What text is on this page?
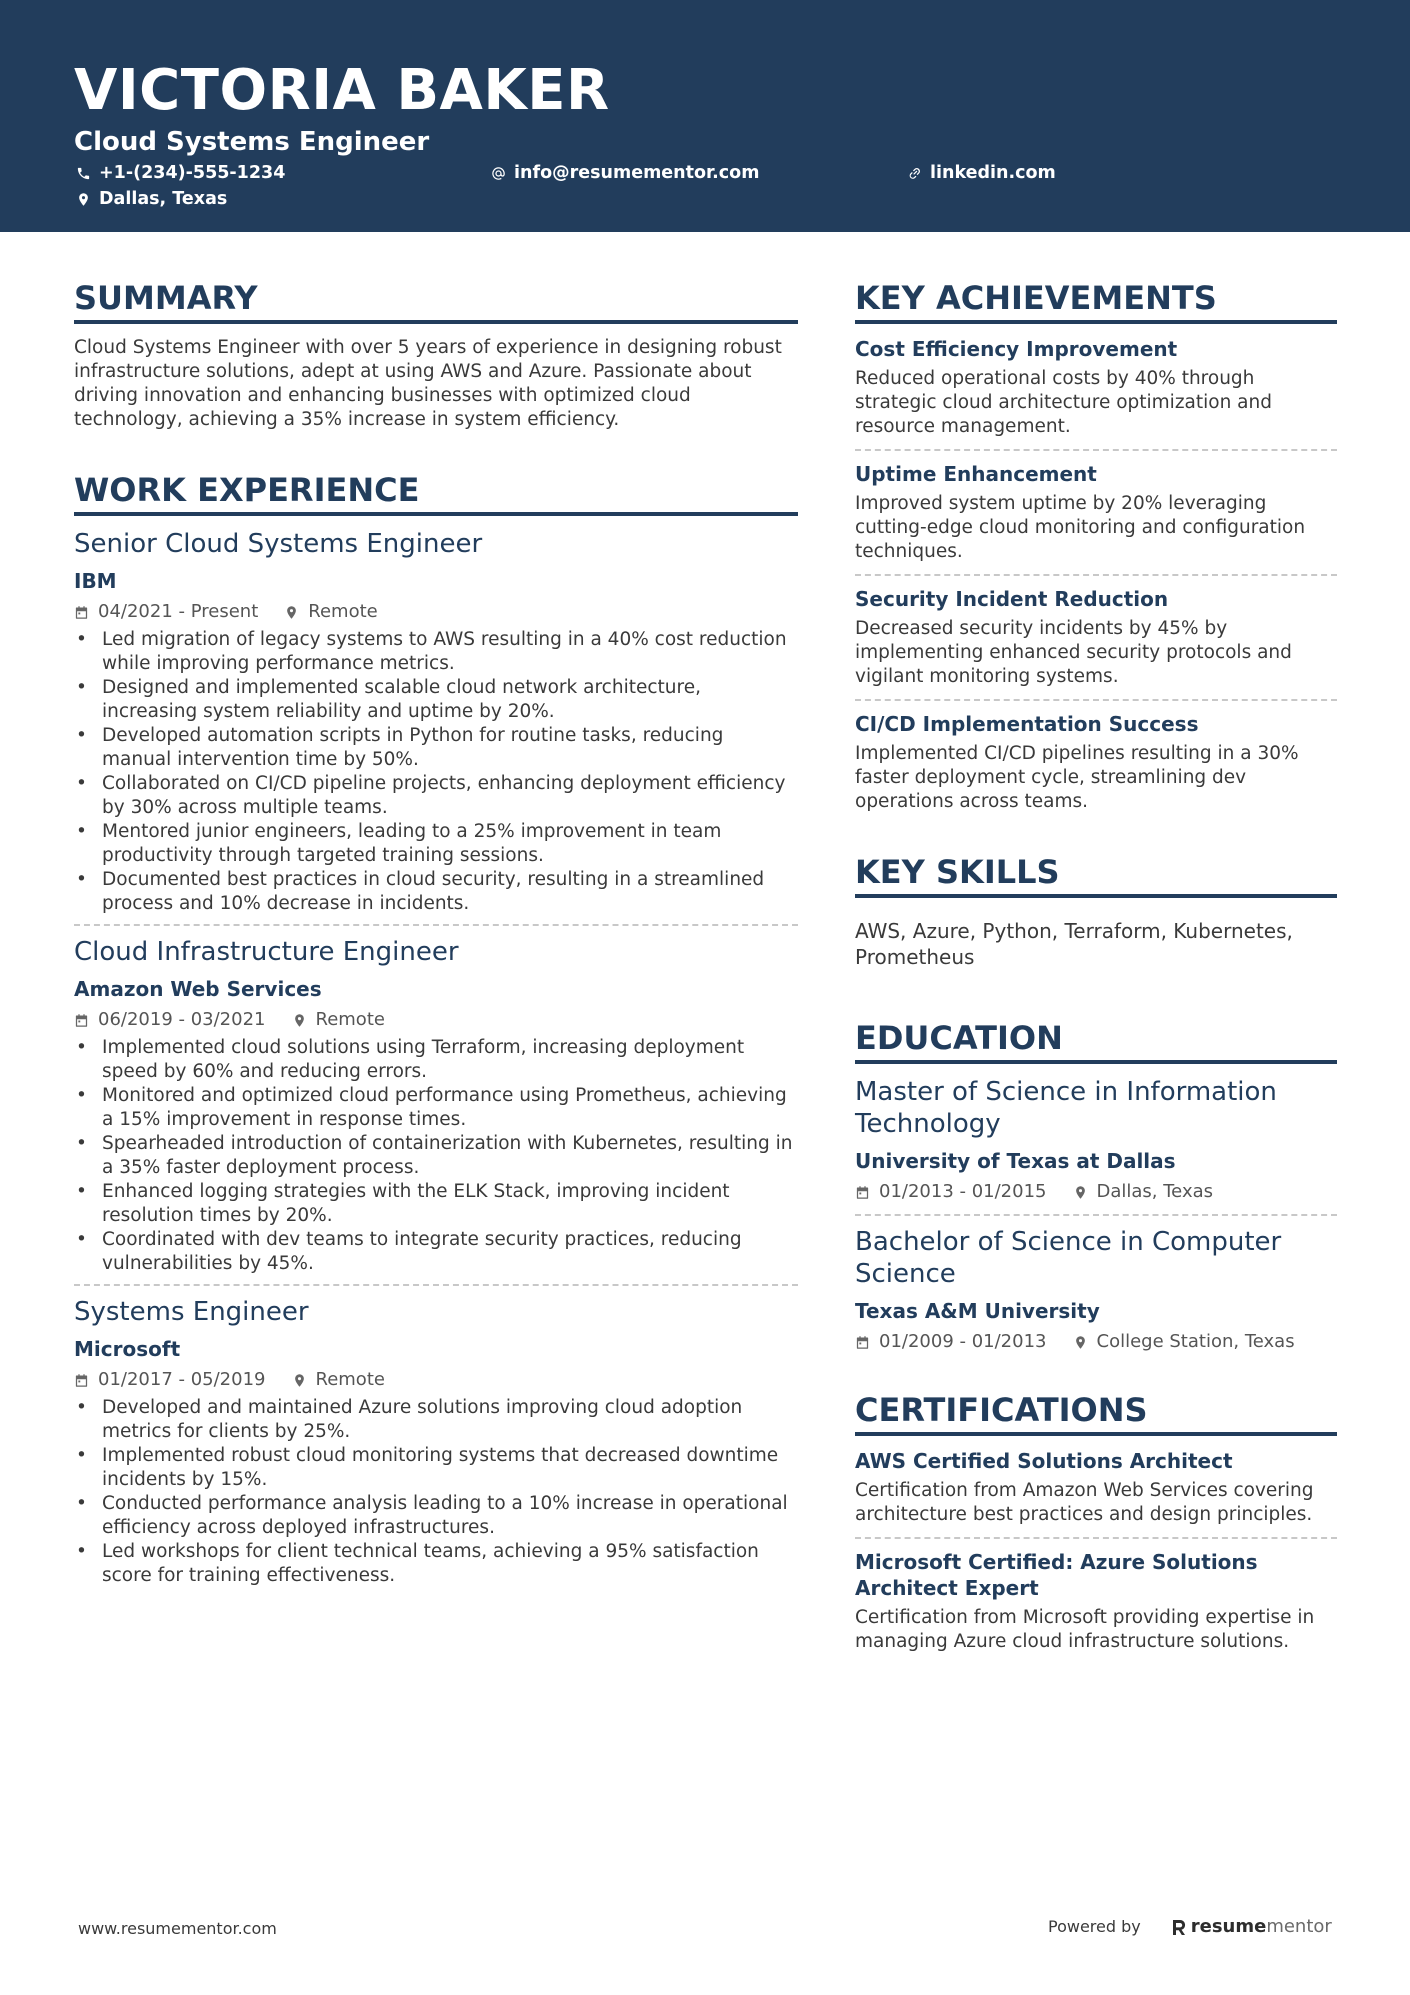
VICTORIA BAKER
Cloud Systems Engineer
+1-(234)-555-1234	info@resumementor.com	linkedin.com
Dallas, Texas
SUMMARY
Cloud Systems Engineer with over 5 years of experience in designing robust infrastructure solutions, adept at using AWS and Azure. Passionate about driving innovation and enhancing businesses with optimized cloud technology, achieving a 35% increase in system efficiency.
WORK EXPERIENCE
Senior Cloud Systems Engineer
IBM
04/2021 - Present	Remote
• Led migration of legacy systems to AWS resulting in a 40% cost reduction while improving performance metrics.
• Designed and implemented scalable cloud network architecture, increasing system reliability and uptime by 20%.
• Developed automation scripts in Python for routine tasks, reducing manual intervention time by 50%.
• Collaborated on CI/CD pipeline projects, enhancing deployment efficiency by 30% across multiple teams.
• Mentored junior engineers, leading to a 25% improvement in team productivity through targeted training sessions.
• Documented best practices in cloud security, resulting in a streamlined process and 10% decrease in incidents.
Cloud Infrastructure Engineer
Amazon Web Services
06/2019 - 03/2021	Remote
• Implemented cloud solutions using Terraform, increasing deployment speed by 60% and reducing errors.
• Monitored and optimized cloud performance using Prometheus, achieving a 15% improvement in response times.
• Spearheaded introduction of containerization with Kubernetes, resulting in a 35% faster deployment process.
• Enhanced logging strategies with the ELK Stack, improving incident resolution times by 20%.
• Coordinated with dev teams to integrate security practices, reducing vulnerabilities by 45%.
Systems Engineer
Microsoft
01/2017 - 05/2019	Remote
• Developed and maintained Azure solutions improving cloud adoption metrics for clients by 25%.
• Implemented robust cloud monitoring systems that decreased downtime incidents by 15%.
• Conducted performance analysis leading to a 10% increase in operational efficiency across deployed infrastructures.
• Led workshops for client technical teams, achieving a 95% satisfaction score for training effectiveness.
KEY ACHIEVEMENTS
Cost Efficiency Improvement
Reduced operational costs by 40% through strategic cloud architecture optimization and resource management.
Uptime Enhancement
Improved system uptime by 20% leveraging cutting-edge cloud monitoring and configuration techniques.
Security Incident Reduction
Decreased security incidents by 45% by implementing enhanced security protocols and vigilant monitoring systems.
CI/CD Implementation Success
Implemented CI/CD pipelines resulting in a 30% faster deployment cycle, streamlining dev operations across teams.
KEY SKILLS
AWS, Azure, Python, Terraform, Kubernetes, Prometheus
EDUCATION
Master of Science in Information Technology
University of Texas at Dallas
01/2013 - 01/2015	Dallas, Texas
Bachelor of Science in Computer Science
Texas A&M University
01/2009 - 01/2013	College Station, Texas
CERTIFICATIONS
AWS Certified Solutions Architect
Certification from Amazon Web Services covering architecture best practices and design principles.
Microsoft Certified: Azure Solutions Architect Expert
Certification from Microsoft providing expertise in managing Azure cloud infrastructure solutions.
www.resumementor.com	Powered by	resume mentor
